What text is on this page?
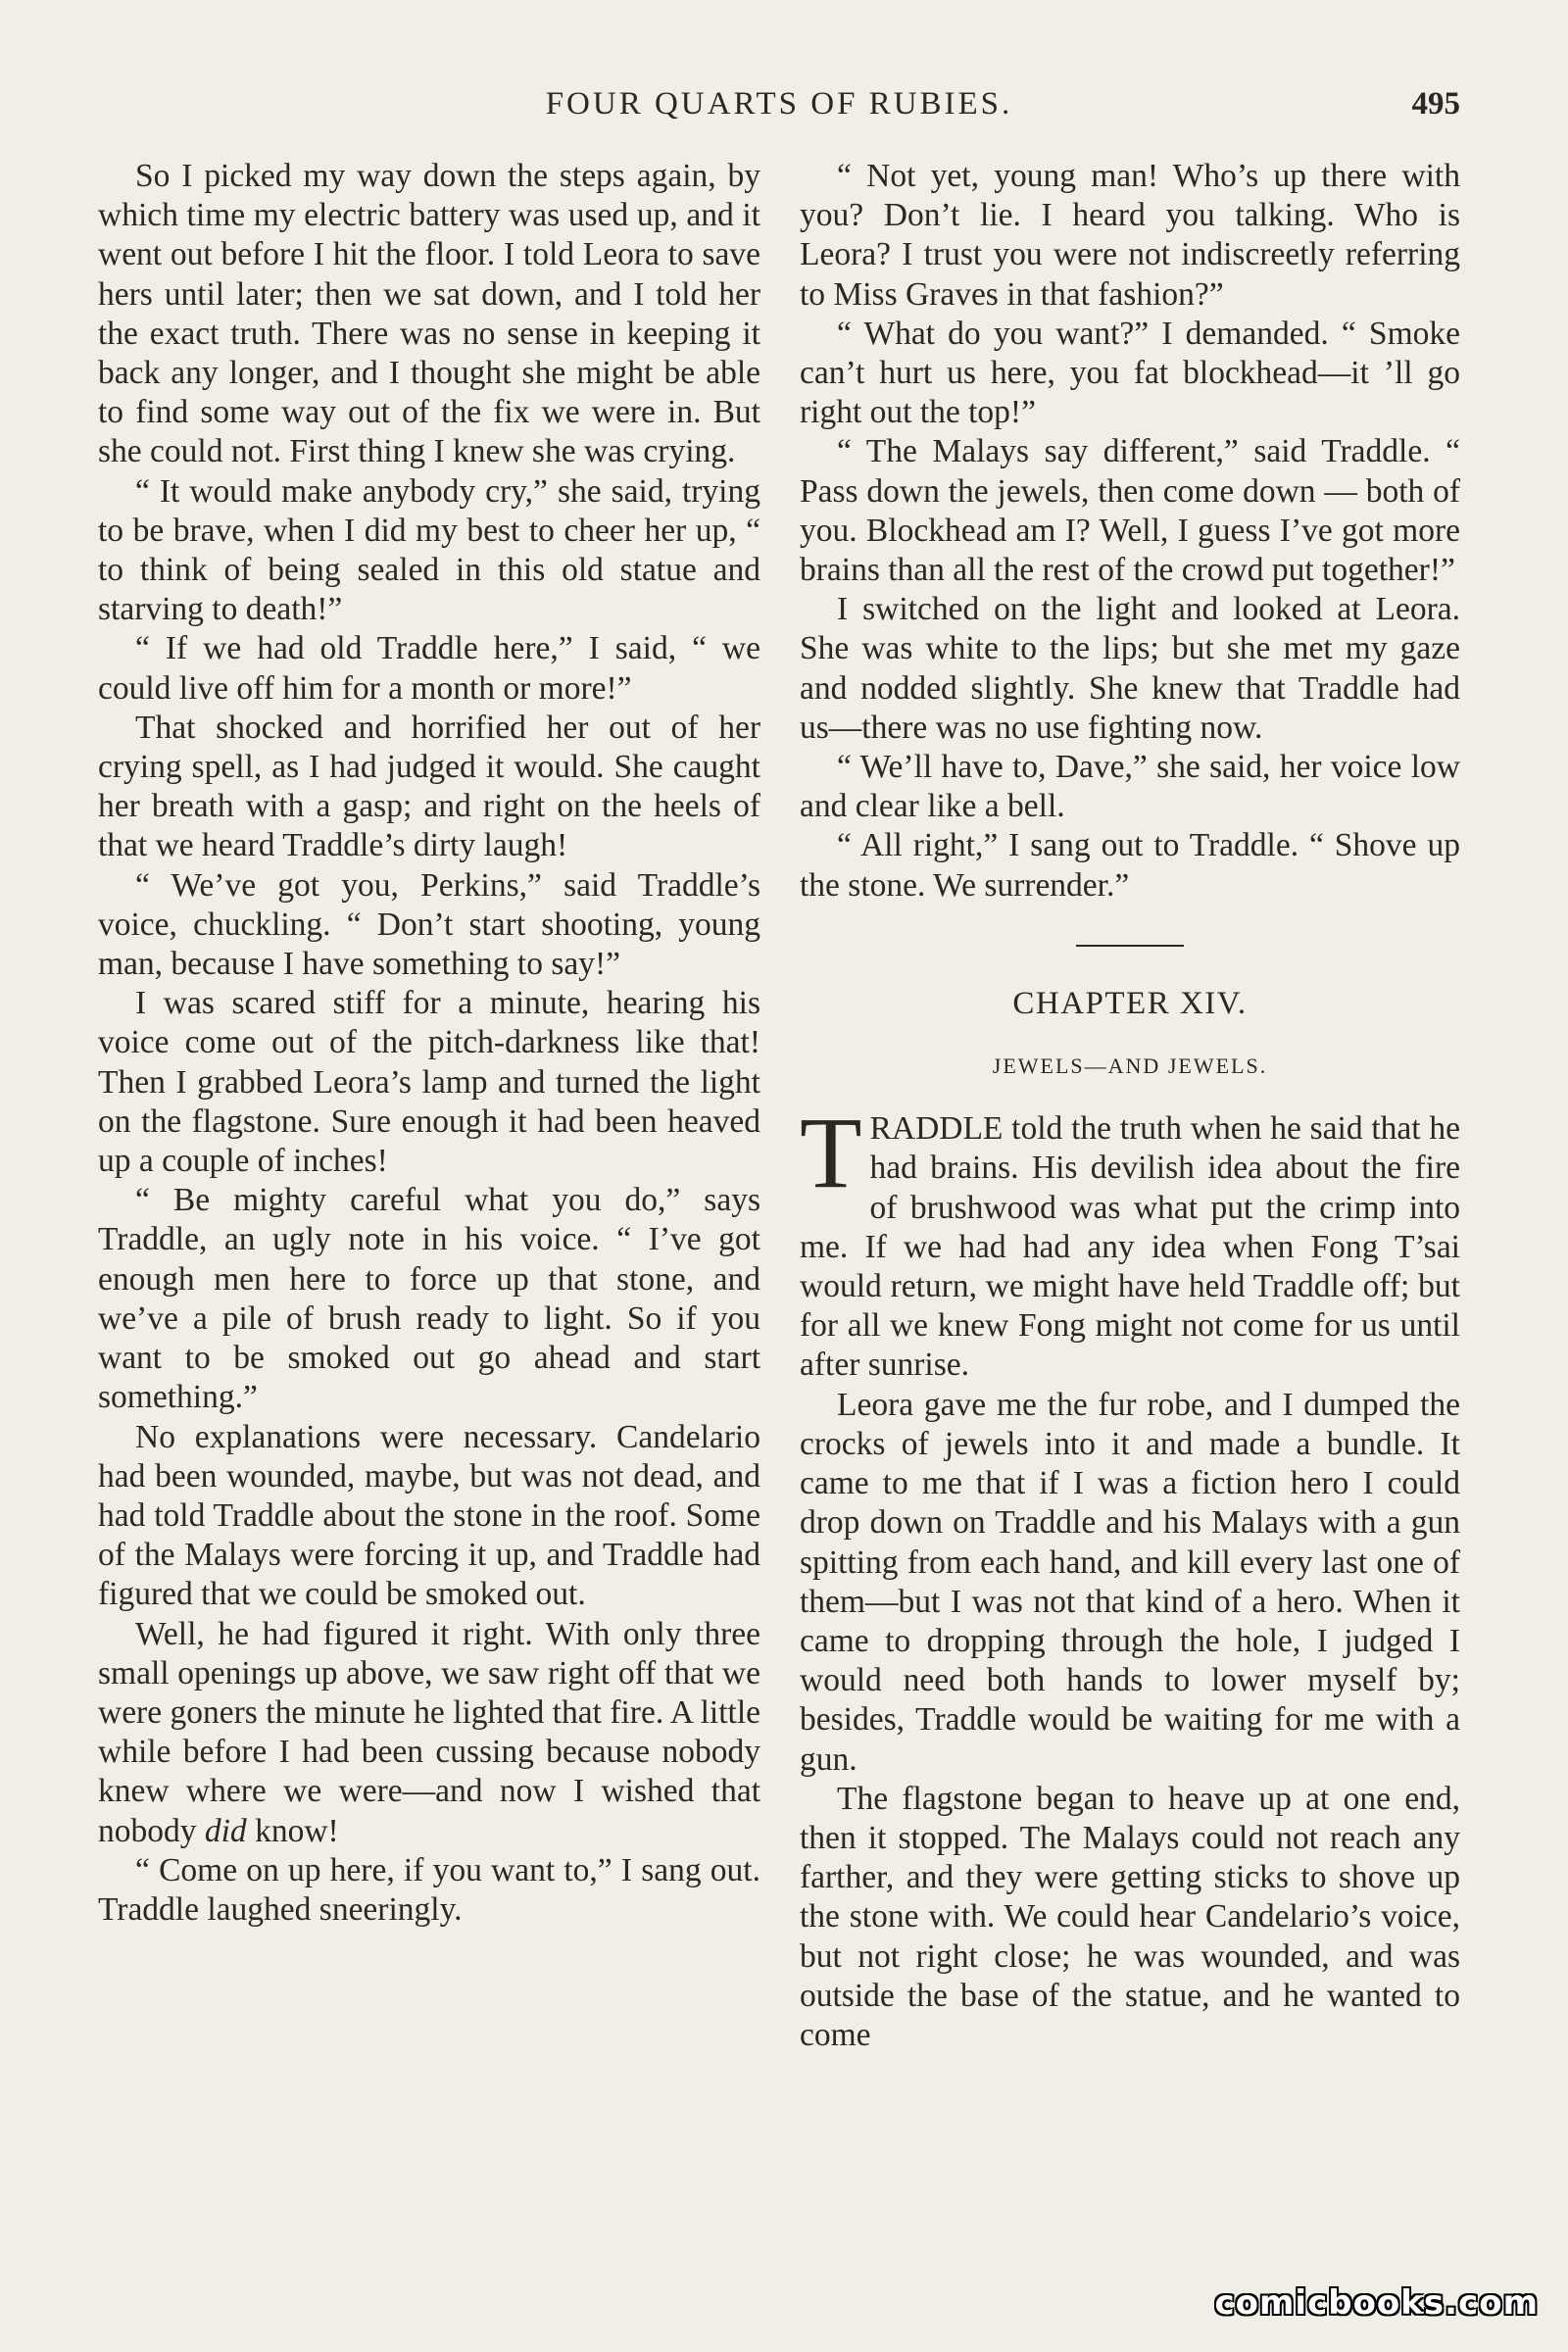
FOUR QUARTS OF RUBIES.	495

So I picked my way down the steps again, by which time my electric battery was used up, and it went out before I hit the floor. I told Leora to save hers until later; then we sat down, and I told her the exact truth. There was no sense in keeping it back any longer, and I thought she might be able to find some way out of the fix we were in. But she could not. First thing I knew she was crying.

“ It would make anybody cry,” she said, trying to be brave, when I did my best to cheer her up, “ to think of being sealed in this old statue and starving to death!”

“ If we had old Traddle here,” I said, “ we could live off him for a month or more!”

That shocked and horrified her out of her crying spell, as I had judged it would. She caught her breath with a gasp; and right on the heels of that we heard Traddle’s dirty laugh!

“ We’ve got you, Perkins,” said Traddle’s voice, chuckling. “ Don’t start shooting, young man, because I have something to say!”

I was scared stiff for a minute, hearing his voice come out of the pitch-darkness like that! Then I grabbed Leora’s lamp and turned the light on the flagstone. Sure enough it had been heaved up a couple of inches!

“ Be mighty careful what you do,” says Traddle, an ugly note in his voice. “ I’ve got enough men here to force up that stone, and we’ve a pile of brush ready to light. So if you want to be smoked out go ahead and start something.”

No explanations were necessary. Candelario had been wounded, maybe, but was not dead, and had told Traddle about the stone in the roof. Some of the Malays were forcing it up, and Traddle had figured that we could be smoked out.

Well, he had figured it right. With only three small openings up above, we saw right off that we were goners the minute he lighted that fire. A little while before I had been cussing because nobody knew where we were—and now I wished that nobody did know!

“ Come on up here, if you want to,” I sang out. Traddle laughed sneeringly.

“ Not yet, young man! Who’s up there with you? Don’t lie. I heard you talking. Who is Leora? I trust you were not indiscreetly referring to Miss Graves in that fashion?”

“ What do you want?” I demanded. “ Smoke can’t hurt us here, you fat blockhead—it ’ll go right out the top!”

“ The Malays say different,” said Traddle. “ Pass down the jewels, then come down — both of you. Blockhead am I? Well, I guess I’ve got more brains than all the rest of the crowd put together!”

I switched on the light and looked at Leora. She was white to the lips; but she met my gaze and nodded slightly. She knew that Traddle had us—there was no use fighting now.

“ We’ll have to, Dave,” she said, her voice low and clear like a bell.

“ All right,” I sang out to Traddle. “ Shove up the stone. We surrender.”

CHAPTER XIV.
JEWELS—AND JEWELS.

TRADDLE told the truth when he said that he had brains. His devilish idea about the fire of brushwood was what put the crimp into me. If we had had any idea when Fong T’sai would return, we might have held Traddle off; but for all we knew Fong might not come for us until after sunrise.

Leora gave me the fur robe, and I dumped the crocks of jewels into it and made a bundle. It came to me that if I was a fiction hero I could drop down on Traddle and his Malays with a gun spitting from each hand, and kill every last one of them—but I was not that kind of a hero. When it came to dropping through the hole, I judged I would need both hands to lower myself by; besides, Traddle would be waiting for me with a gun.

The flagstone began to heave up at one end, then it stopped. The Malays could not reach any farther, and they were getting sticks to shove up the stone with. We could hear Candelario’s voice, but not right close; he was wounded, and was outside the base of the statue, and he wanted to come

comicbooks.com
